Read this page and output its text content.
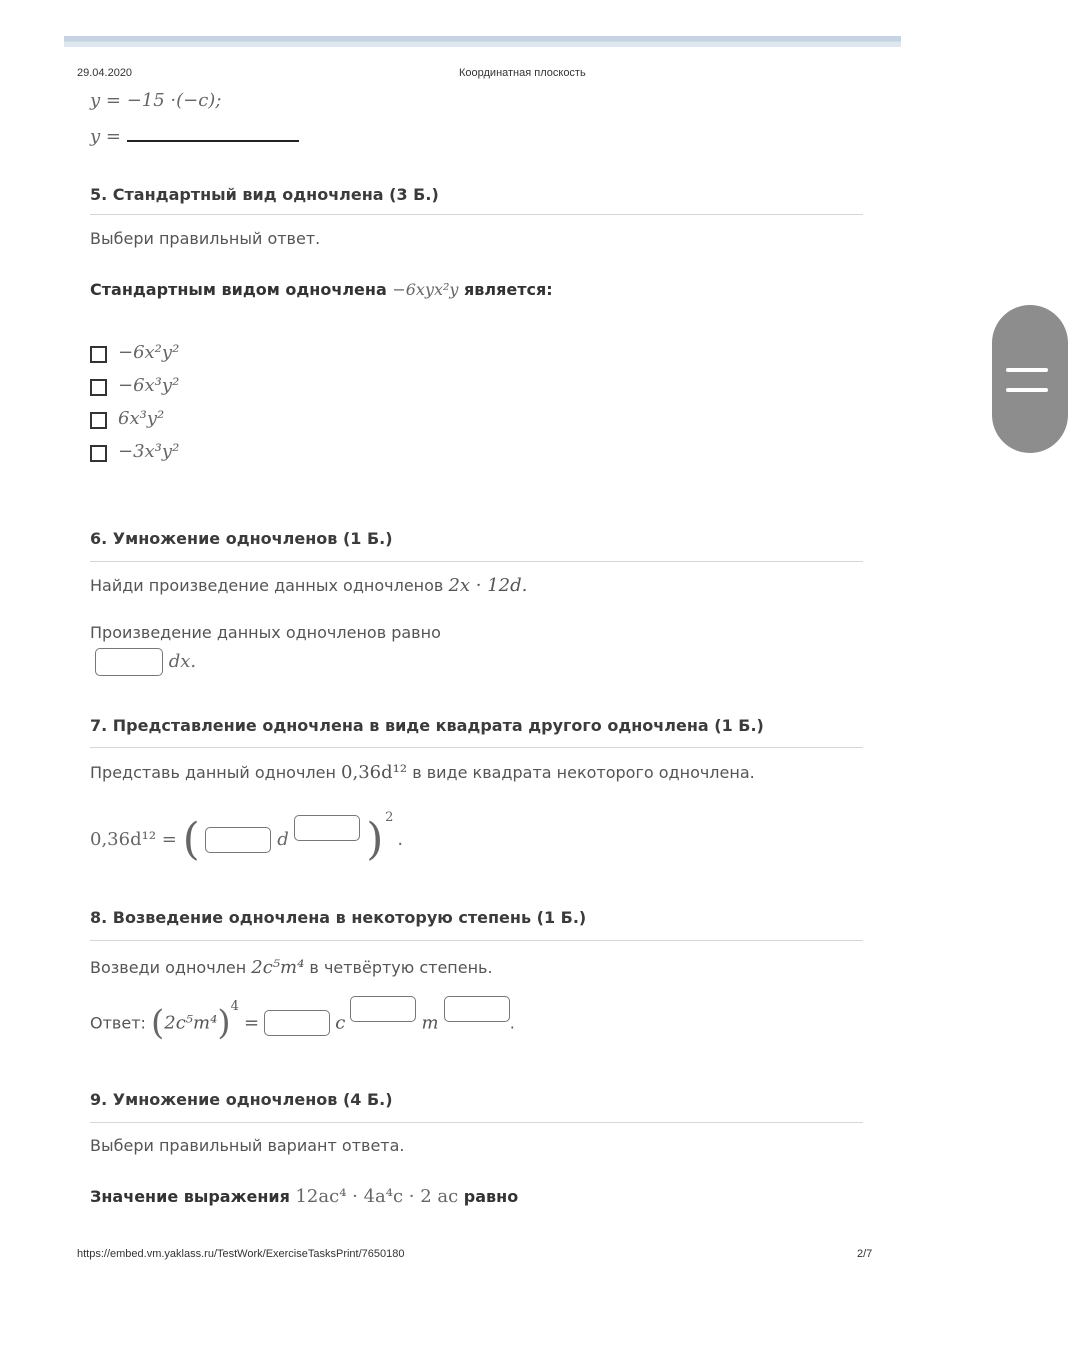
29.04.2020	Координатная плоскость
y = −15 ·(−c);
y =
5. Стандартный вид одночлена (3 Б.)
Выбери правильный ответ.
Стандартным видом одночлена −6xyx²y является:
−6x²y²
−6x³y²
6x³y²
−3x³y²
6. Умножение одночленов (1 Б.)
Найди произведение данных одночленов 2x · 12d.
Произведение данных одночленов равно
dx.
7. Представление одночлена в виде квадрата другого одночлена (1 Б.)
Представь данный одночлен 0,36d¹² в виде квадрата некоторого одночлена.
0,36d¹² = (	d ) $^2$.
8. Возведение одночлена в некоторую степень (1 Б.)
Возведи одночлен 2c⁵m⁴ в четвёртую степень.
Ответ: $(2c^5m^4)^4$ =	c	m	.
9. Умножение одночленов (4 Б.)
Выбери правильный вариант ответа.
Значение выражения 12ac⁴ · 4a⁴c · 2 ac равно
https://embed.vm.yaklass.ru/TestWork/ExerciseTasksPrint/7650180	2/7
